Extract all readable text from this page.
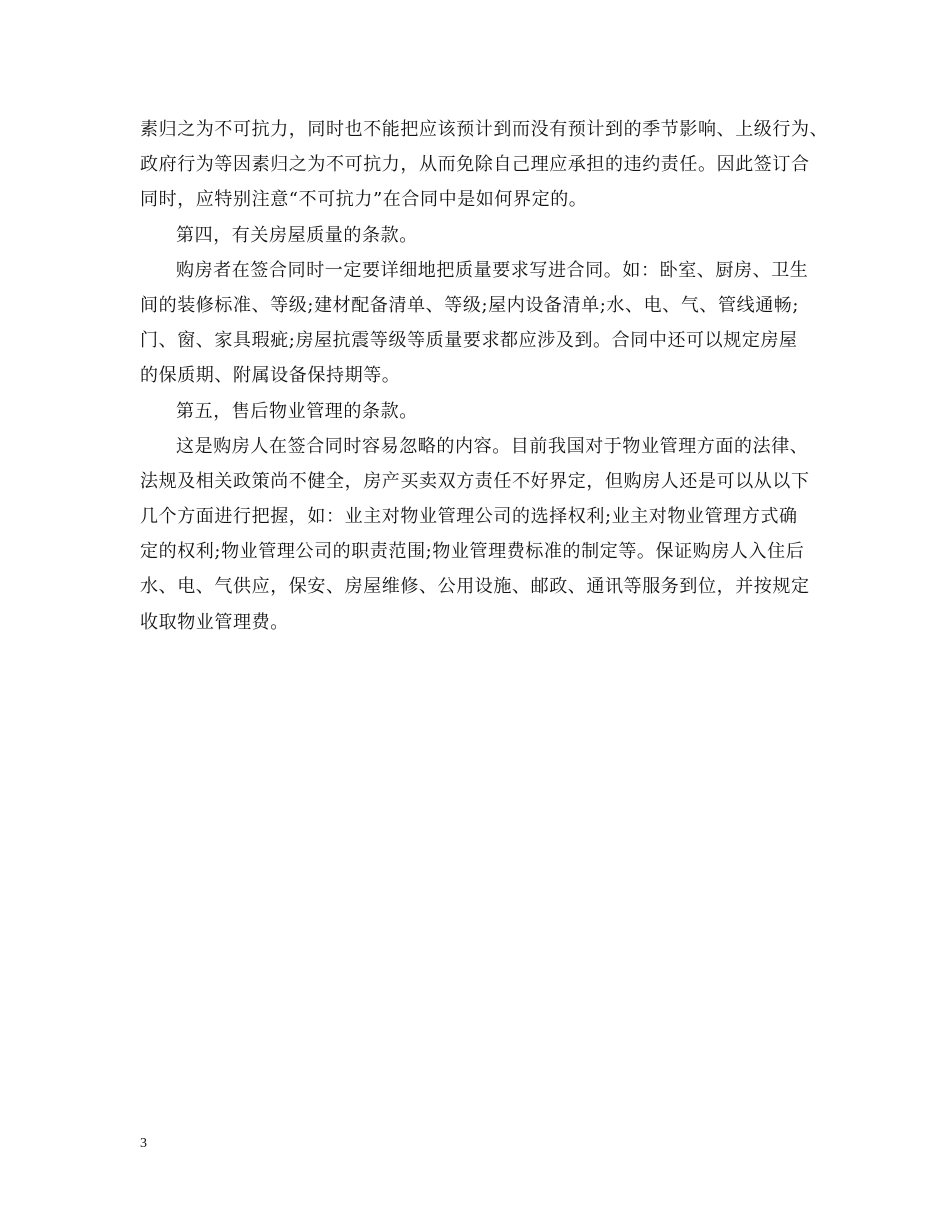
素归之为不可抗力，同时也不能把应该预计到而没有预计到的季节影响、上级行为、
政府行为等因素归之为不可抗力，从而免除自己理应承担的违约责任。因此签订合
同时，应特别注意“不可抗力”在合同中是如何界定的。
第四，有关房屋质量的条款。
购房者在签合同时一定要详细地把质量要求写进合同。如：卧室、厨房、卫生
间的装修标准、等级;建材配备清单、等级;屋内设备清单;水、电、气、管线通畅;
门、窗、家具瑕疵;房屋抗震等级等质量要求都应涉及到。合同中还可以规定房屋
的保质期、附属设备保持期等。
第五，售后物业管理的条款。
这是购房人在签合同时容易忽略的内容。目前我国对于物业管理方面的法律、
法规及相关政策尚不健全，房产买卖双方责任不好界定，但购房人还是可以从以下
几个方面进行把握，如：业主对物业管理公司的选择权利;业主对物业管理方式确
定的权利;物业管理公司的职责范围;物业管理费标准的制定等。保证购房人入住后
水、电、气供应，保安、房屋维修、公用设施、邮政、通讯等服务到位，并按规定
收取物业管理费。
3
